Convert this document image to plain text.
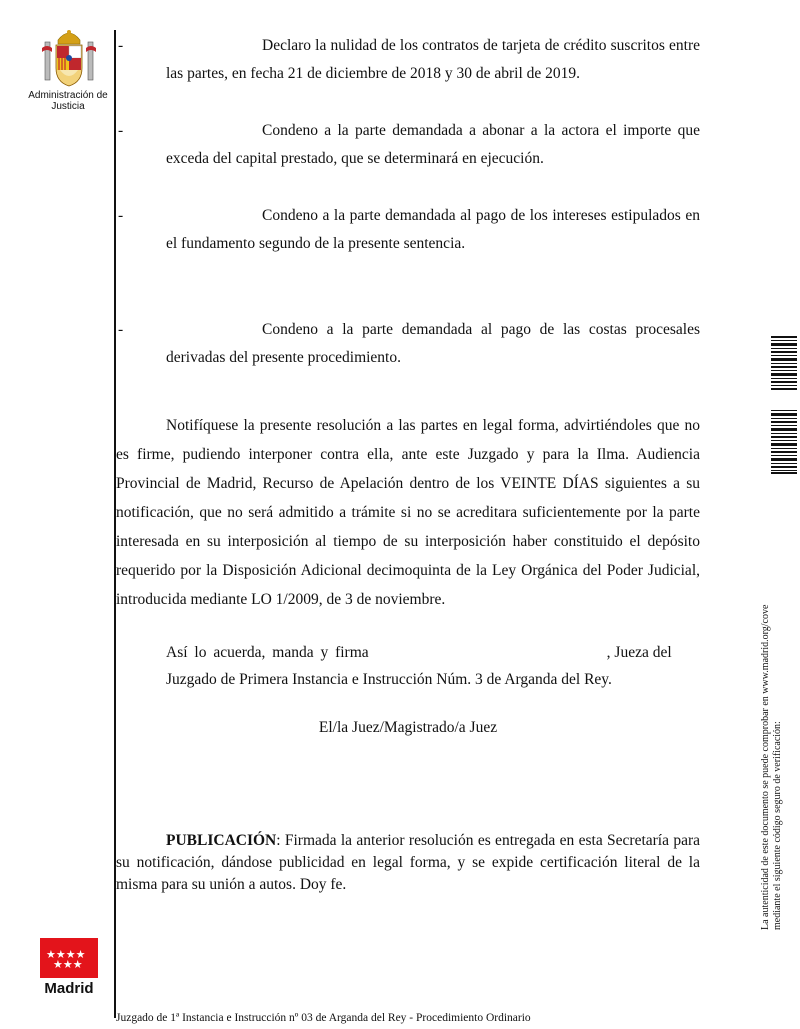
Administración de Justicia
-	Declaro la nulidad de los contratos de tarjeta de crédito suscritos entre las partes, en fecha 21 de diciembre de 2018 y 30 de abril de 2019.
-	Condeno a la parte demandada a abonar a la actora el importe que exceda del capital prestado, que se determinará en ejecución.
-	Condeno a la parte demandada al pago de los intereses estipulados en el fundamento segundo de la presente sentencia.
-	Condeno a la parte demandada al pago de las costas procesales derivadas del presente procedimiento.
Notifíquese la presente resolución a las partes en legal forma, advirtiéndoles que no es firme, pudiendo interponer contra ella, ante este Juzgado y para la Ilma. Audiencia Provincial de Madrid, Recurso de Apelación dentro de los VEINTE DÍAS siguientes a su notificación, que no será admitido a trámite si no se acreditara suficientemente por la parte interesada en su interposición al tiempo de su interposición haber constituido el depósito requerido por la Disposición Adicional decimoquinta de la Ley Orgánica del Poder Judicial, introducida mediante LO 1/2009, de 3 de noviembre.
Así lo acuerda, manda y firma	, Jueza del Juzgado de Primera Instancia e Instrucción Núm. 3 de Arganda del Rey.
El/la Juez/Magistrado/a Juez
PUBLICACIÓN: Firmada la anterior resolución es entregada en esta Secretaría para su notificación, dándose publicidad en legal forma, y se expide certificación literal de la misma para su unión a autos. Doy fe.	La autenticidad de este documento se puede comprobar en www.madrid.org/cove mediante el siguiente código seguro de verificación:
★★★★
★★★
Madrid
Juzgado de 1ª Instancia e Instrucción nº 03 de Arganda del Rey - Procedimiento Ordinario
